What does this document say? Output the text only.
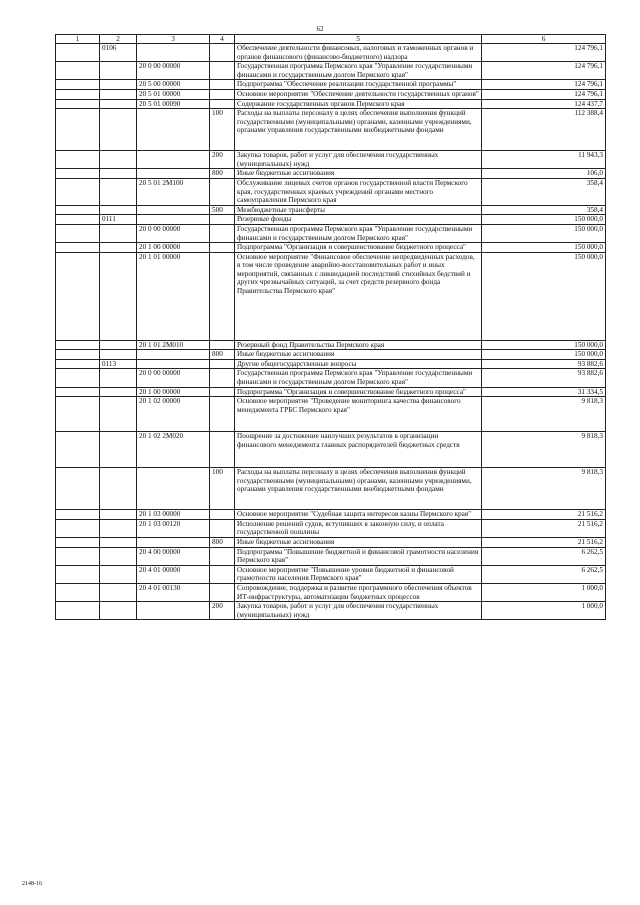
62
1	2	3	4	5	6
	0106			Обеспечение деятельности финансовых, налоговых и таможенных органов и органов финансового (финансово-бюджетного) надзора	124 796,1
		20 0 00 00000		Государственная программа Пермского края "Управление государственными финансами и государственным долгом Пермского края"	124 796,1
		20 5 00 00000		Подпрограмма "Обеспечение реализации государственной программы"	124 796,1
		20 5 01 00000		Основное мероприятие "Обеспечение деятельности государственных органов"	124 796,1
		20 5 01 00090		Содержание государственных органов Пермского края	124 437,7
			100	Расходы на выплаты персоналу в целях обеспечения выполнения функций государственными (муниципальными) органами, казенными учреждениями, органами управления государственными внебюджетными фондами	112 388,4
			200	Закупка товаров, работ и услуг для обеспечения государственных (муниципальных) нужд	11 943,3
			800	Иные бюджетные ассигнования	106,0
		20 5 01 2М100		Обслуживание лицевых счетов органов государственной власти Пермского края, государственных краевых учреждений органами местного самоуправления Пермского края	358,4
			500	Межбюджетные трансферты	358,4
	0111			Резервные фонды	150 000,0
		20 0 00 00000		Государственная программа Пермского края "Управление государственными финансами и государственным долгом Пермского края"	150 000,0
		20 1 00 00000		Подпрограмма "Организация и совершенствование бюджетного процесса"	150 000,0
		20 1 01 00000		Основное мероприятие "Финансовое обеспечение непредвиденных расходов, в том числе проведение аварийно-восстановительных работ и иных мероприятий, связанных с ликвидацией последствий стихийных бедствий и других чрезвычайных ситуаций, за счет средств резервного фонда Правительства Пермского края"	150 000,0
		20 1 01 2М010		Резервный фонд Правительства Пермского края	150 000,0
			800	Иные бюджетные ассигнования	150 000,0
	0113			Другие общегосударственные вопросы	93 882,6
		20 0 00 00000		Государственная программа Пермского края "Управление государственными финансами и государственным долгом Пермского края"	93 882,6
		20 1 00 00000		Подпрограмма "Организация и совершенствование бюджетного процесса"	31 334,5
		20 1 02 00000		Основное мероприятие "Проведение мониторинга качества финансового менеджмента ГРБС Пермского края"	9 818,3
		20 1 02 2М020		Поощрение за достижение наилучших результатов в организации финансового менеджмента главных распорядителей бюджетных средств	9 818,3
			100	Расходы на выплаты персоналу в целях обеспечения выполнения функций государственными (муниципальными) органами, казенными учреждениями, органами управления государственными внебюджетными фондами	9 818,3
		20 1 03 00000		Основное мероприятие "Судебная защита интересов казны Пермского края"	21 516,2
		20 1 03 00120		Исполнение решений судов, вступивших в законную силу, и оплата государственной пошлины	21 516,2
			800	Иные бюджетные ассигнования	21 516,2
		20 4 00 00000		Подпрограмма "Повышение бюджетной и финансовой грамотности населения Пермского края"	6 262,5
		20 4 01 00000		Основное мероприятие "Повышение уровня бюджетной и финансовой грамотности населения Пермского края"	6 262,5
		20 4 01 00130		Сопровождение, поддержка и развитие программного обеспечения объектов ИТ-инфраструктуры, автоматизации бюджетных процессов	1 000,0
			200	Закупка товаров, работ и услуг для обеспечения государственных (муниципальных) нужд	1 000,0
2148-16
